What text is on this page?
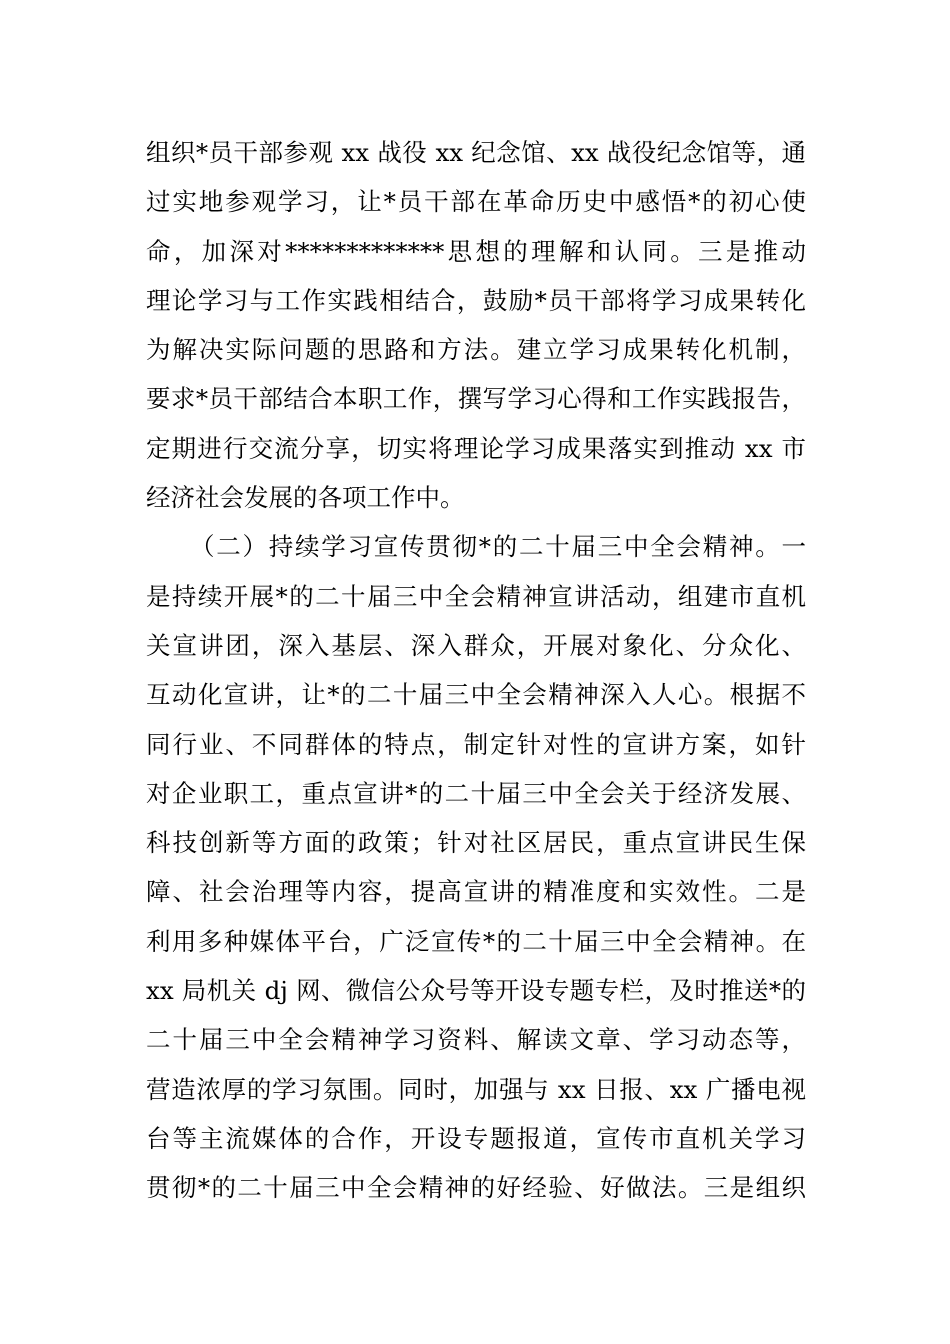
组织*员干部参观 xx 战役 xx 纪念馆、xx 战役纪念馆等，通
过实地参观学习，让*员干部在革命历史中感悟*的初心使
命，加深对*************思想的理解和认同。三是推动
理论学习与工作实践相结合，鼓励*员干部将学习成果转化
为解决实际问题的思路和方法。建立学习成果转化机制，
要求*员干部结合本职工作，撰写学习心得和工作实践报告，
定期进行交流分享，切实将理论学习成果落实到推动 xx 市
经济社会发展的各项工作中。
（二）持续学习宣传贯彻*的二十届三中全会精神。一
是持续开展*的二十届三中全会精神宣讲活动，组建市直机
关宣讲团，深入基层、深入群众，开展对象化、分众化、
互动化宣讲，让*的二十届三中全会精神深入人心。根据不
同行业、不同群体的特点，制定针对性的宣讲方案，如针
对企业职工，重点宣讲*的二十届三中全会关于经济发展、
科技创新等方面的政策；针对社区居民，重点宣讲民生保
障、社会治理等内容，提高宣讲的精准度和实效性。二是
利用多种媒体平台，广泛宣传*的二十届三中全会精神。在
xx 局机关 dj 网、微信公众号等开设专题专栏，及时推送*的
二十届三中全会精神学习资料、解读文章、学习动态等，
营造浓厚的学习氛围。同时，加强与 xx 日报、xx 广播电视
台等主流媒体的合作，开设专题报道，宣传市直机关学习
贯彻*的二十届三中全会精神的好经验、好做法。三是组织
